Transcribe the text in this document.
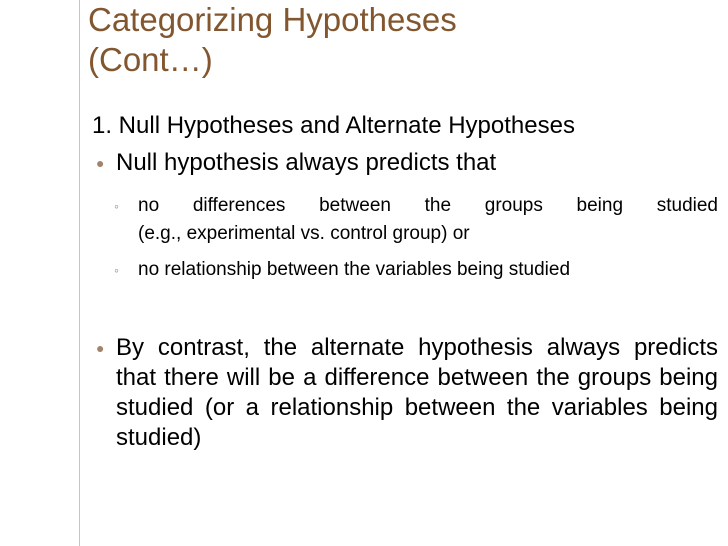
Categorizing Hypotheses
(Cont…)
1. Null Hypotheses and Alternate Hypotheses
● Null hypothesis always predicts that
◦	no differences between the groups being studied
(e.g., experimental vs. control group) or
◦	no relationship between the variables being studied
● By contrast, the alternate hypothesis always predicts that there will be a difference between the groups being studied (or a relationship between the variables being studied)
